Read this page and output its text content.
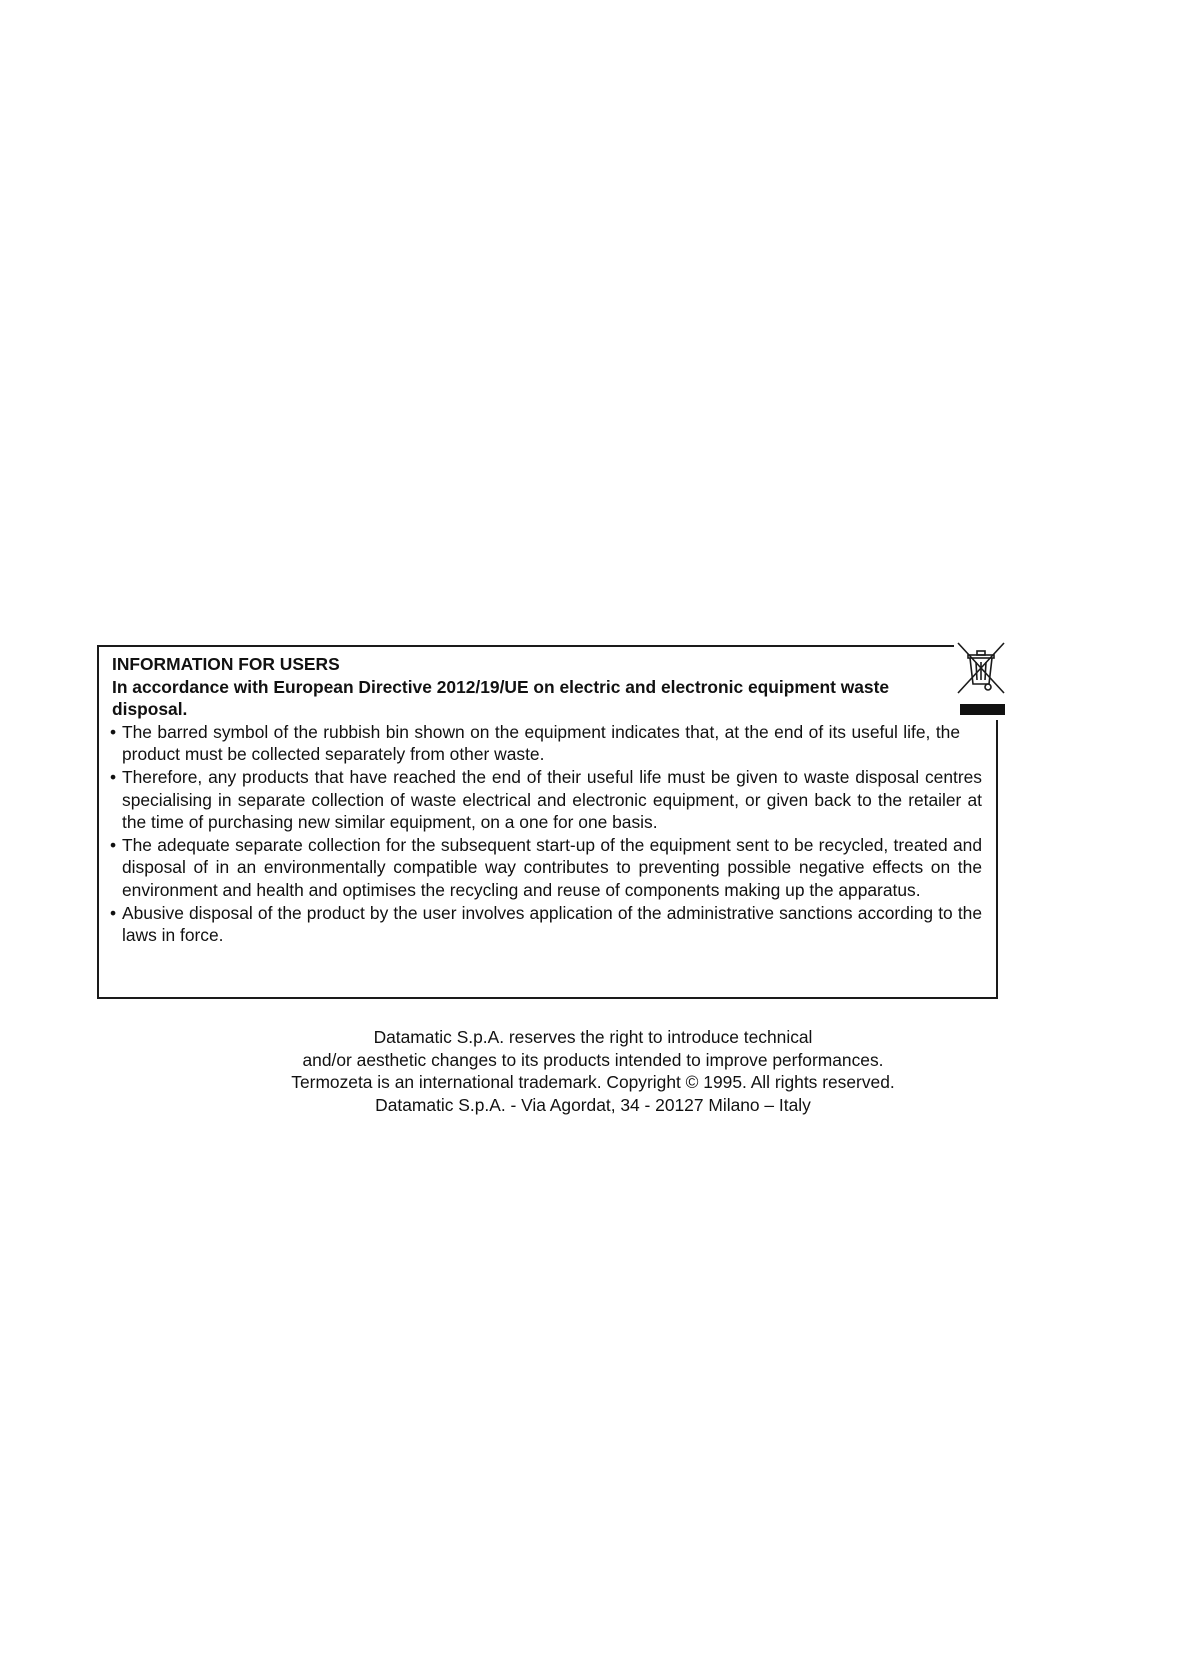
INFORMATION FOR USERS

In accordance with European Directive 2012/19/UE on electric and electronic equipment waste disposal.

• The barred symbol of the rubbish bin shown on the equipment indicates that, at the end of its useful life, the product must be collected separately from other waste.
• Therefore, any products that have reached the end of their useful life must be given to waste disposal centres specialising in separate collection of waste electrical and electronic equipment, or given back to the retailer at the time of purchasing new similar equipment, on a one for one basis.
• The adequate separate collection for the subsequent start-up of the equipment sent to be recycled, treated and disposal of in an environmentally compatible way contributes to preventing possible negative effects on the environment and health and optimises the recycling and reuse of components making up the apparatus.
• Abusive disposal of the product by the user involves application of the administrative sanctions according to the laws in force.

Datamatic S.p.A. reserves the right to introduce technical

and/or aesthetic changes to its products intended to improve performances.

Termozeta is an international trademark. Copyright © 1995. All rights reserved.

Datamatic S.p.A. - Via Agordat, 34 - 20127 Milano – Italy
